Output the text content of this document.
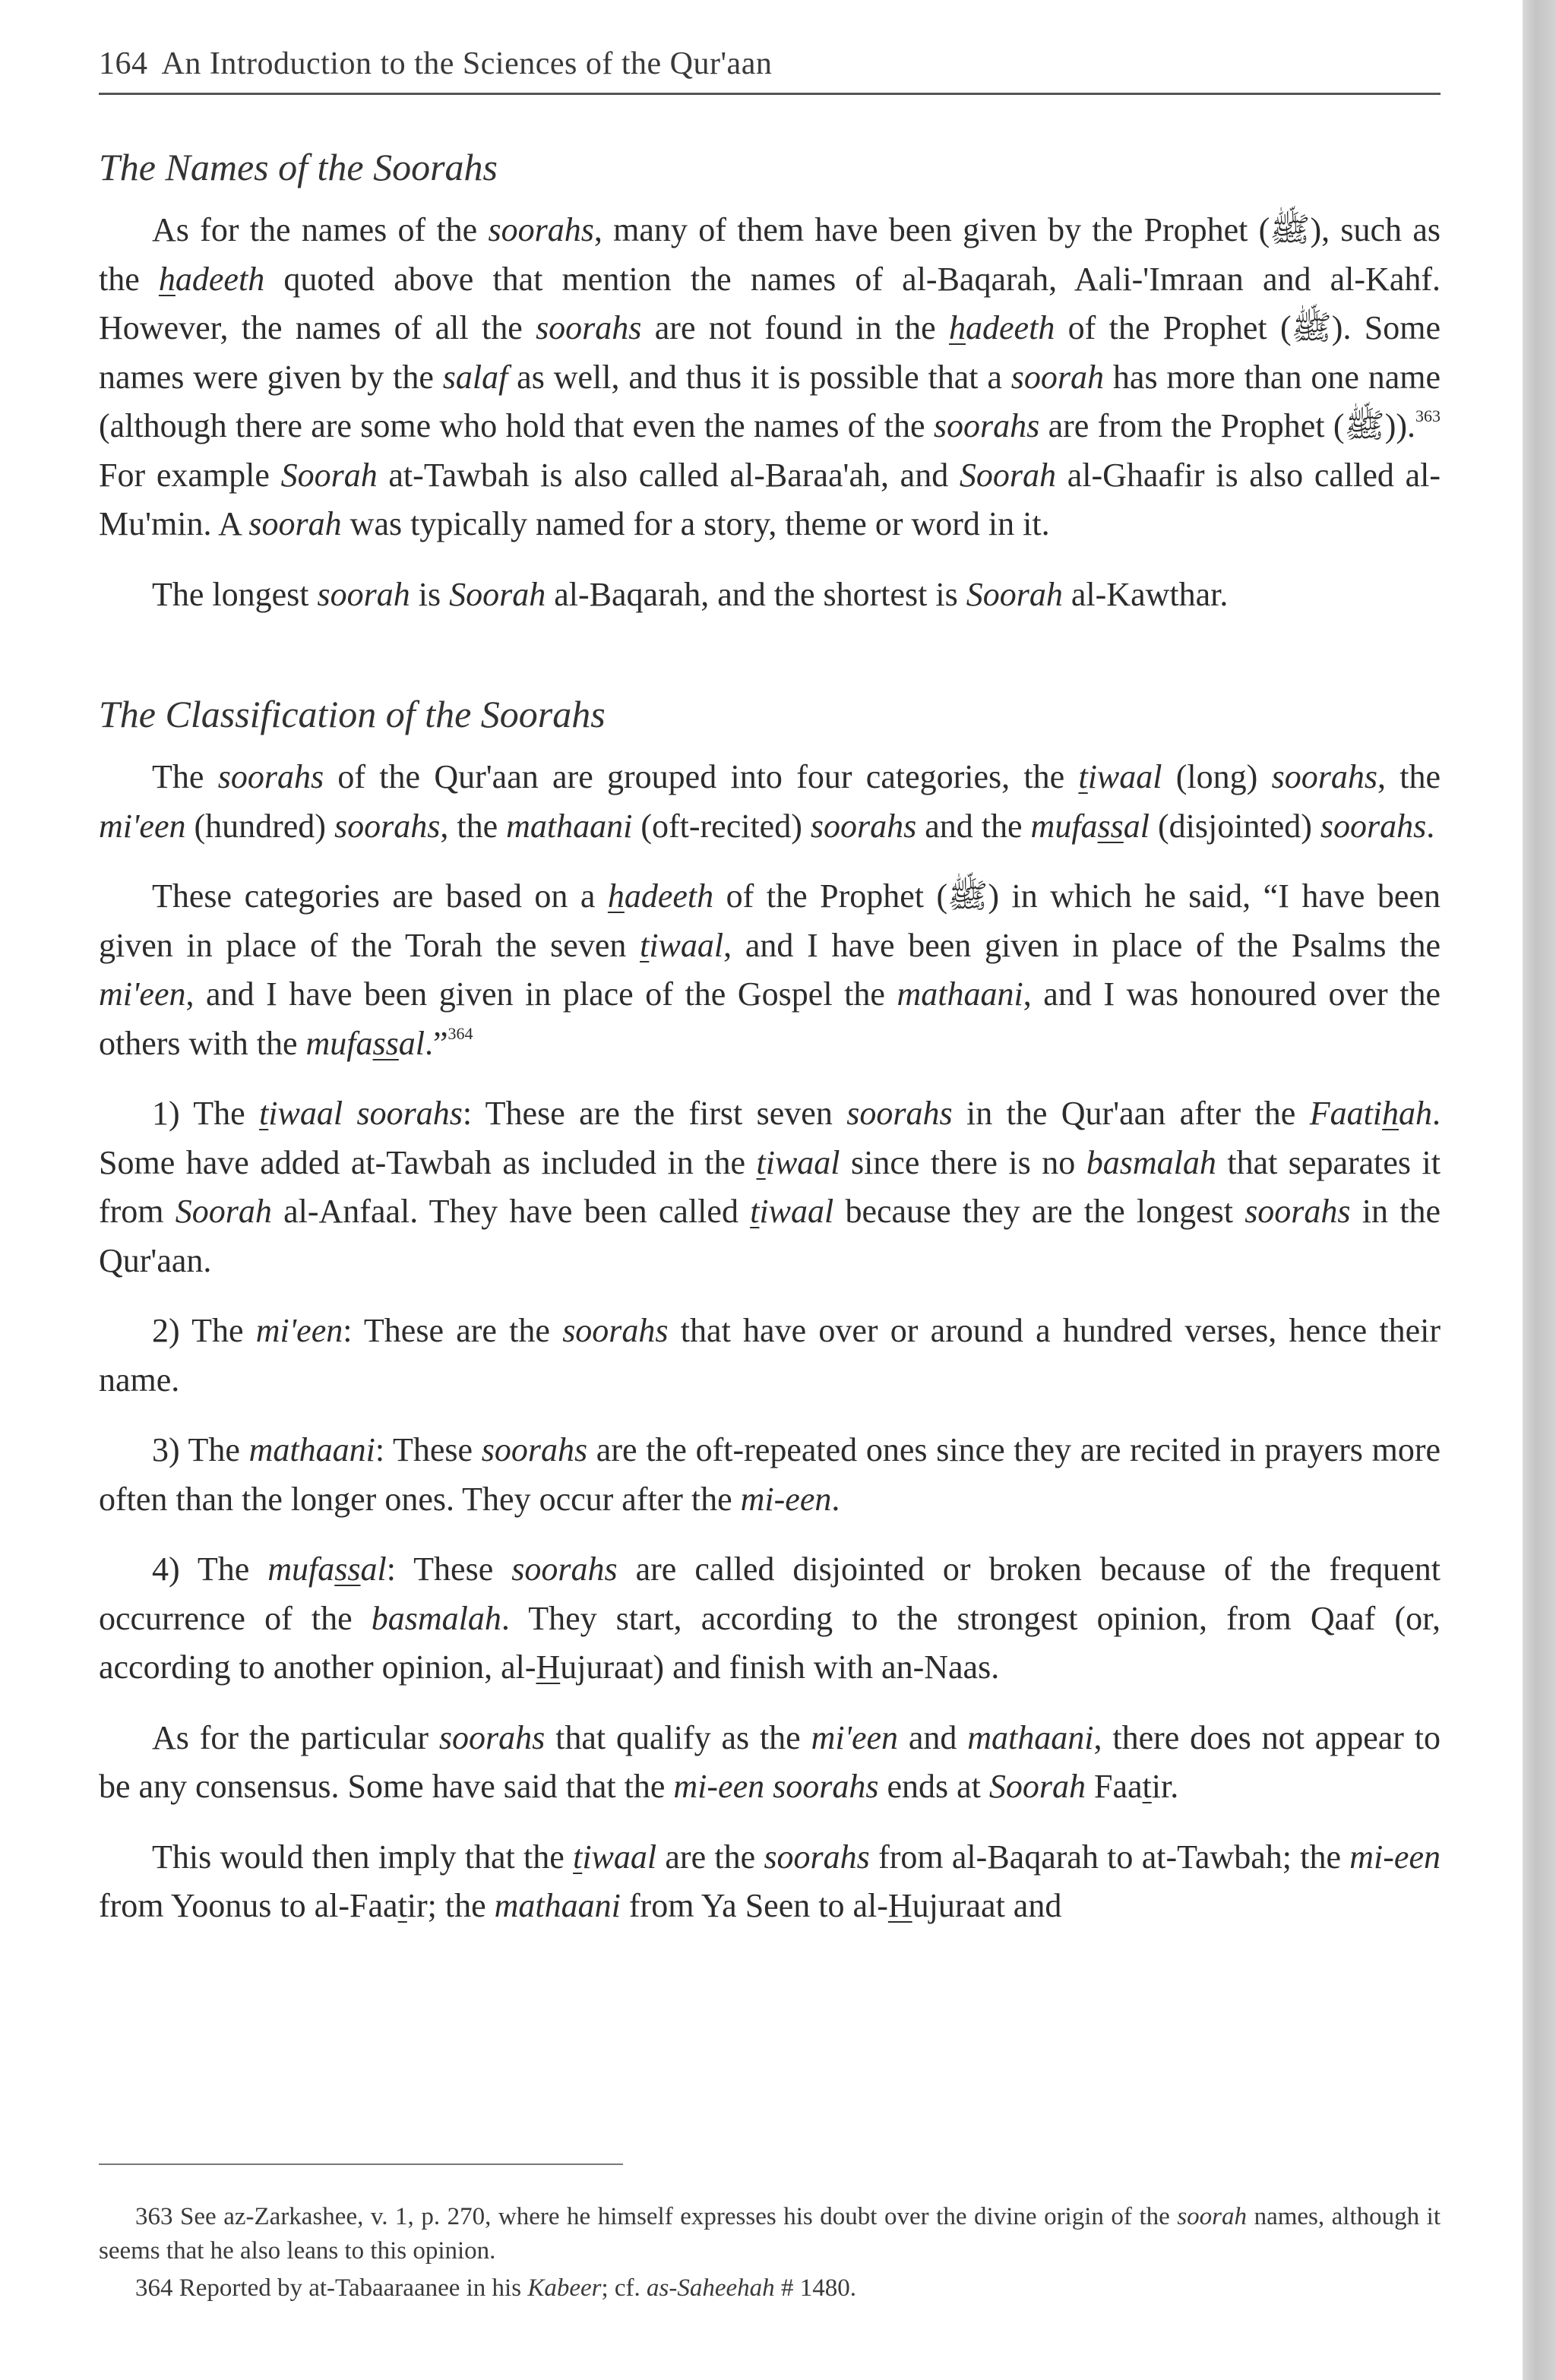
164 An Introduction to the Sciences of the Qur'aan
The Names of the Soorahs

As for the names of the soorahs, many of them have been given by the Prophet (ﷺ), such as the hadeeth quoted above that mention the names of al-Baqarah, Aali-'Imraan and al-Kahf. However, the names of all the soorahs are not found in the hadeeth of the Prophet (ﷺ). Some names were given by the salaf as well, and thus it is possible that a soorah has more than one name (although there are some who hold that even the names of the soorahs are from the Prophet (ﷺ)).$^{363}$ For example Soorah at-Tawbah is also called al-Baraa'ah, and Soorah al-Ghaafir is also called al-Mu'min. A soorah was typically named for a story, theme or word in it.

The longest soorah is Soorah al-Baqarah, and the shortest is Soorah al-Kawthar.

The Classification of the Soorahs

The soorahs of the Qur'aan are grouped into four categories, the tiwaal (long) soorahs, the mi'een (hundred) soorahs, the mathaani (oft-recited) soorahs and the mufassal (disjointed) soorahs.

These categories are based on a hadeeth of the Prophet (ﷺ) in which he said, “I have been given in place of the Torah the seven tiwaal, and I have been given in place of the Psalms the mi'een, and I have been given in place of the Gospel the mathaani, and I was honoured over the others with the mufassal.”$^{364}$

1) The tiwaal soorahs: These are the first seven soorahs in the Qur'aan after the Faatihah. Some have added at-Tawbah as included in the tiwaal since there is no basmalah that separates it from Soorah al-Anfaal. They have been called tiwaal because they are the longest soorahs in the Qur'aan.

2) The mi'een: These are the soorahs that have over or around a hundred verses, hence their name.

3) The mathaani: These soorahs are the oft-repeated ones since they are recited in prayers more often than the longer ones. They occur after the mi-een.

4) The mufassal: These soorahs are called disjointed or broken because of the frequent occurrence of the basmalah. They start, according to the strongest opinion, from Qaaf (or, according to another opinion, al-Hujuraat) and finish with an-Naas.

As for the particular soorahs that qualify as the mi'een and mathaani, there does not appear to be any consensus. Some have said that the mi-een soorahs ends at Soorah Faatir.

This would then imply that the tiwaal are the soorahs from al-Baqarah to at-Tawbah; the mi-een from Yoonus to al-Faatir; the mathaani from Ya Seen to al-Hujuraat and

363 See az-Zarkashee, v. 1, p. 270, where he himself expresses his doubt over the divine origin of the soorah names, although it seems that he also leans to this opinion.

364 Reported by at-Tabaaraanee in his Kabeer; cf. as-Saheehah # 1480.
